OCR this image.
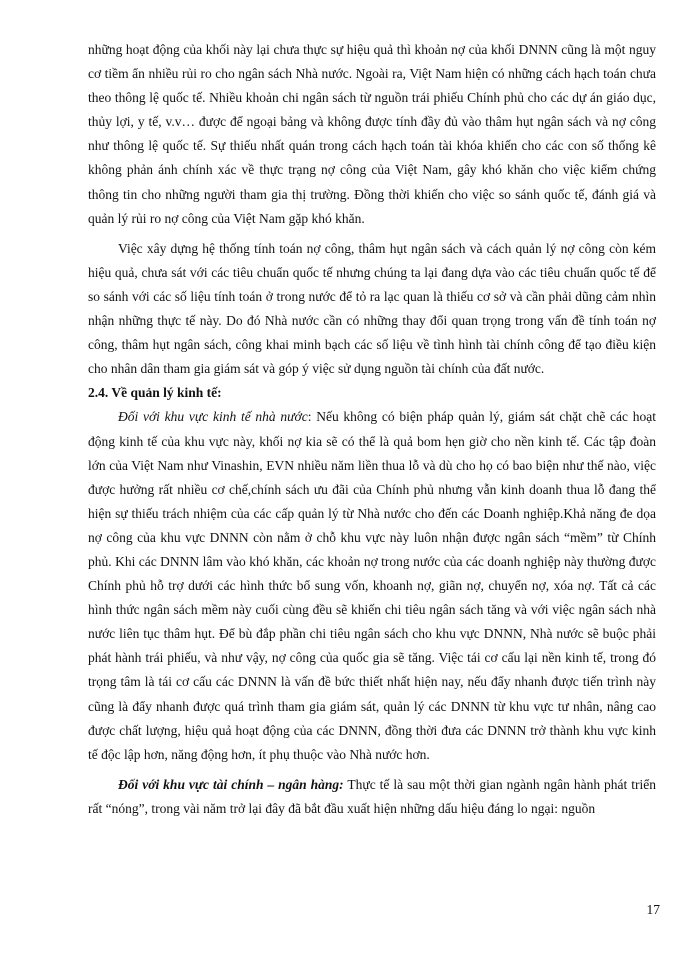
những hoạt động của khối này lại chưa thực sự hiệu quả thì khoản nợ của khối DNNN cũng là một nguy cơ tiềm ẩn nhiều rủi ro cho ngân sách Nhà nước. Ngoài ra, Việt Nam hiện có những cách hạch toán chưa theo thông lệ quốc tế. Nhiều khoản chi ngân sách từ nguồn trái phiếu Chính phủ cho các dự án giáo dục, thủy lợi, y tế, v.v… được để ngoại bảng và không được tính đầy đủ vào thâm hụt ngân sách và nợ công như thông lệ quốc tế. Sự thiếu nhất quán trong cách hạch toán tài khóa khiến cho các con số thống kê không phản ánh chính xác về thực trạng nợ công của Việt Nam, gây khó khăn cho việc kiểm chứng thông tin cho những người tham gia thị trường. Đồng thời khiến cho việc so sánh quốc tế, đánh giá và quản lý rủi ro nợ công của Việt Nam gặp khó khăn.

Việc xây dựng hệ thống tính toán nợ công, thâm hụt ngân sách và cách quản lý nợ công còn kém hiệu quả, chưa sát với các tiêu chuẩn quốc tế nhưng chúng ta lại đang dựa vào các tiêu chuẩn quốc tế để so sánh với các số liệu tính toán ở trong nước để tỏ ra lạc quan là thiếu cơ sở và cần phải dũng cảm nhìn nhận những thực tế này. Do đó Nhà nước cần có những thay đổi quan trọng trong vấn đề tính toán nợ công, thâm hụt ngân sách, công khai minh bạch các số liệu về tình hình tài chính công để tạo điều kiện cho nhân dân tham gia giám sát và góp ý việc sử dụng nguồn tài chính của đất nước.

2.4. Về quản lý kinh tế:

Đối với khu vực kinh tế nhà nước: Nếu không có biện pháp quản lý, giám sát chặt chẽ các hoạt động kinh tế của khu vực này, khối nợ kia sẽ có thể là quả bom hẹn giờ cho nền kinh tế. Các tập đoàn lớn của Việt Nam như Vinashin, EVN nhiều năm liền thua lỗ và dù cho họ có bao biện như thế nào, việc được hưởng rất nhiều cơ chế,chính sách ưu đãi của Chính phủ nhưng vẫn kinh doanh thua lỗ đang thể hiện sự thiếu trách nhiệm của các cấp quản lý từ Nhà nước cho đến các Doanh nghiệp.Khả năng đe dọa nợ công của khu vực DNNN còn nằm ở chỗ khu vực này luôn nhận được ngân sách “mềm” từ Chính phủ. Khi các DNNN lâm vào khó khăn, các khoản nợ trong nước của các doanh nghiệp này thường được Chính phủ hỗ trợ dưới các hình thức bổ sung vốn, khoanh nợ, giãn nợ, chuyển nợ, xóa nợ. Tất cả các hình thức ngân sách mềm này cuối cùng đều sẽ khiến chi tiêu ngân sách tăng và với việc ngân sách nhà nước liên tục thâm hụt. Để bù đắp phần chi tiêu ngân sách cho khu vực DNNN, Nhà nước sẽ buộc phải phát hành trái phiếu, và như vậy, nợ công của quốc gia sẽ tăng. Việc tái cơ cấu lại nền kinh tế, trong đó trọng tâm là tái cơ cấu các DNNN là vấn đề bức thiết nhất hiện nay, nếu đẩy nhanh được tiến trình này cũng là đẩy nhanh được quá trình tham gia giám sát, quản lý các DNNN từ khu vực tư nhân, nâng cao được chất lượng, hiệu quả hoạt động của các DNNN, đồng thời đưa các DNNN trở thành khu vực kinh tế độc lập hơn, năng động hơn, ít phụ thuộc vào Nhà nước hơn.

Đối với khu vực tài chính – ngân hàng: Thực tế là sau một thời gian ngành ngân hành phát triển rất “nóng”, trong vài năm trở lại đây đã bắt đầu xuất hiện những dấu hiệu đáng lo ngại: nguồn

17
